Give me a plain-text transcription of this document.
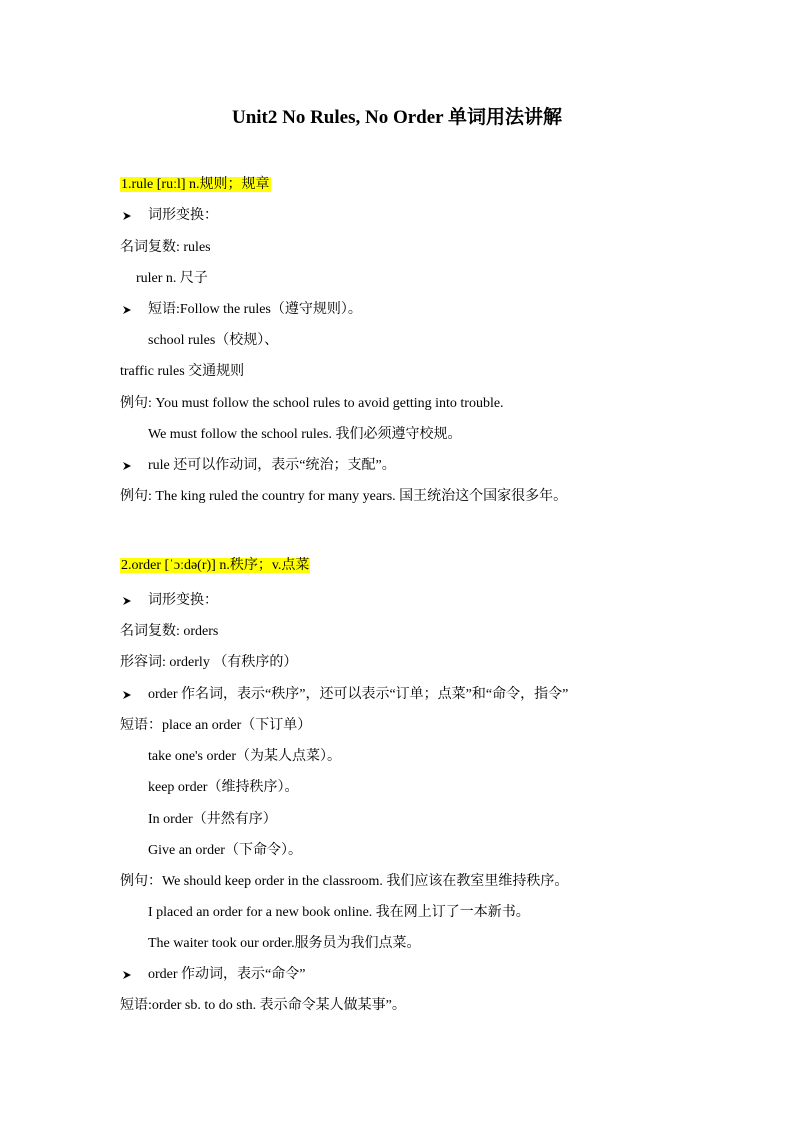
Unit2 No Rules, No Order 单词用法讲解
1.rule [ruːl] n.规则；规章
词形变换：
名词复数: rules
ruler n. 尺子
短语:Follow the rules（遵守规则）。
school rules（校规）、
traffic rules 交通规则
例句: You must follow the school rules to avoid getting into trouble.
We must follow the school rules. 我们必须遵守校规。
rule 还可以作动词，表示“统治；支配”。
例句: The king ruled the country for many years. 国王统治这个国家很多年。
2.order [ˈɔːdə(r)] n.秩序；v.点菜
词形变换：
名词复数: orders
形容词: orderly （有秩序的）
order 作名词，表示“秩序”，还可以表示“订单；点菜”和“命令，指令”
短语：place an order（下订单）
take one's order（为某人点菜）。
keep order（维持秩序）。
In order（井然有序）
Give an order（下命令）。
例句：We should keep order in the classroom. 我们应该在教室里维持秩序。
I placed an order for a new book online. 我在网上订了一本新书。
The waiter took our order.服务员为我们点菜。
order 作动词，表示“命令”
短语:order sb. to do sth. 表示命令某人做某事”。
